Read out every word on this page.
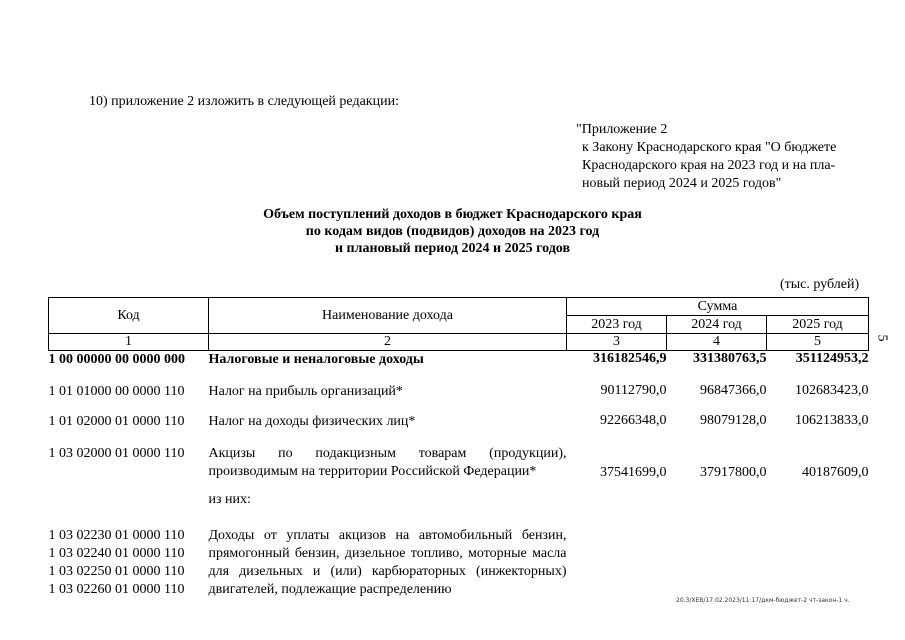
10) приложение 2 изложить в следующей редакции:
"Приложение 2
к Закону Краснодарского края "О бюджете
Краснодарского края на 2023 год и на пла-
новый период 2024 и 2025 годов"
Объем поступлений доходов в бюджет Краснодарского края
по кодам видов (подвидов) доходов на 2023 год
и плановый период 2024 и 2025 годов
(тыс. рублей)
5
Код	Наименование дохода	Сумма		
		2023 год	2024 год	2025 год
1	2	3	4	5
1 00 00000 00 0000 000	Налоговые и неналоговые доходы	316182546,9	331380763,5	351124953,2
1 01 01000 00 0000 110	Налог на прибыль организаций*	90112790,0	96847366,0	102683423,0
1 01 02000 01 0000 110	Налог на доходы физических лиц*	92266348,0	98079128,0	106213833,0
1 03 02000 01 0000 110	Акцизы по подакцизным товарам (продукции), производимым на территории Российской Федерации*	37541699,0	37917800,0	40187609,0
	из них:			

1 03 02230 01 0000 110
1 03 02240 01 0000 110
1 03 02250 01 0000 110
1 03 02260 01 0000 110	Доходы от уплаты акцизов на автомобильный бензин, прямогонный бензин, дизельное топливо, моторные масла для дизельных и (или) карбюраторных (инжекторных) двигателей, подлежащие распределению			
20.3/ХЕВ/17.02.2023/11:17/дкм-бюджет-2 чт-закон-1 ч.
